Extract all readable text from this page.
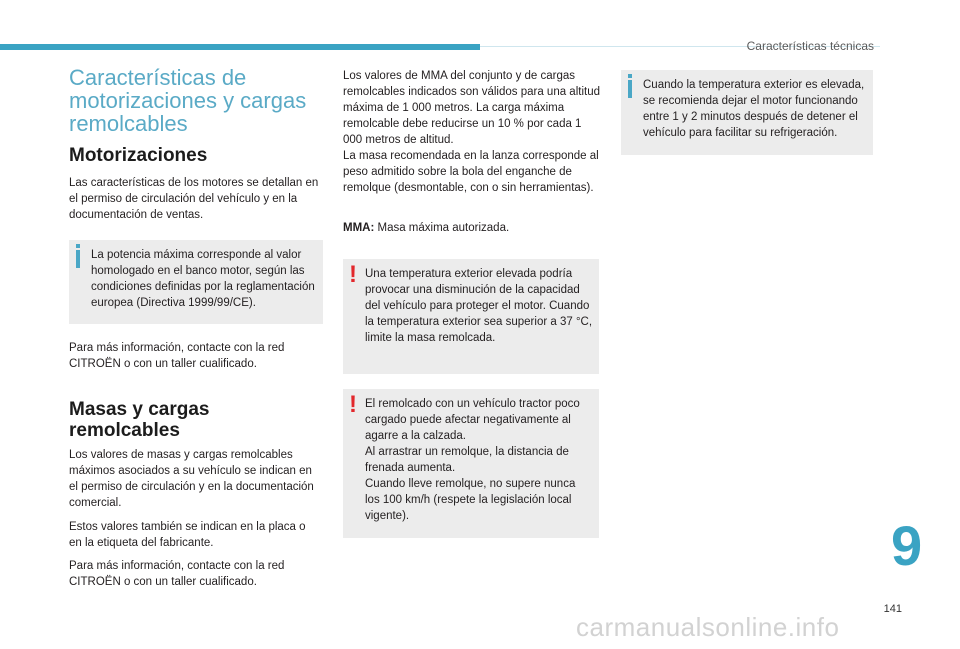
Características técnicas
Características de motorizaciones y cargas remolcables
Motorizaciones

Las características de los motores se detallan en el permiso de circulación del vehículo y en la documentación de ventas.

La potencia máxima corresponde al valor homologado en el banco motor, según las condiciones definidas por la reglamentación europea (Directiva 1999/99/CE).

Para más información, contacte con la red CITROËN o con un taller cualificado.

Masas y cargas remolcables

Los valores de masas y cargas remolcables máximos asociados a su vehículo se indican en el permiso de circulación y en la documentación comercial.

Estos valores también se indican en la placa o en la etiqueta del fabricante.

Para más información, contacte con la red CITROËN o con un taller cualificado.

Los valores de MMA del conjunto y de cargas remolcables indicados son válidos para una altitud máxima de 1 000 metros. La carga máxima remolcable debe reducirse un 10 % por cada 1 000 metros de altitud.
La masa recomendada en la lanza corresponde al peso admitido sobre la bola del enganche de remolque (desmontable, con o sin herramientas).

MMA: Masa máxima autorizada.

! Una temperatura exterior elevada podría provocar una disminución de la capacidad del vehículo para proteger el motor. Cuando la temperatura exterior sea superior a 37 °C, limite la masa remolcada.
! El remolcado con un vehículo tractor poco cargado puede afectar negativamente al agarre a la calzada.
Al arrastrar un remolque, la distancia de frenada aumenta.
Cuando lleve remolque, no supere nunca los 100 km/h (respete la legislación local vigente).
Cuando la temperatura exterior es elevada, se recomienda dejar el motor funcionando entre 1 y 2 minutos después de detener el vehículo para facilitar su refrigeración.
9
141
carmanualsonline.info
